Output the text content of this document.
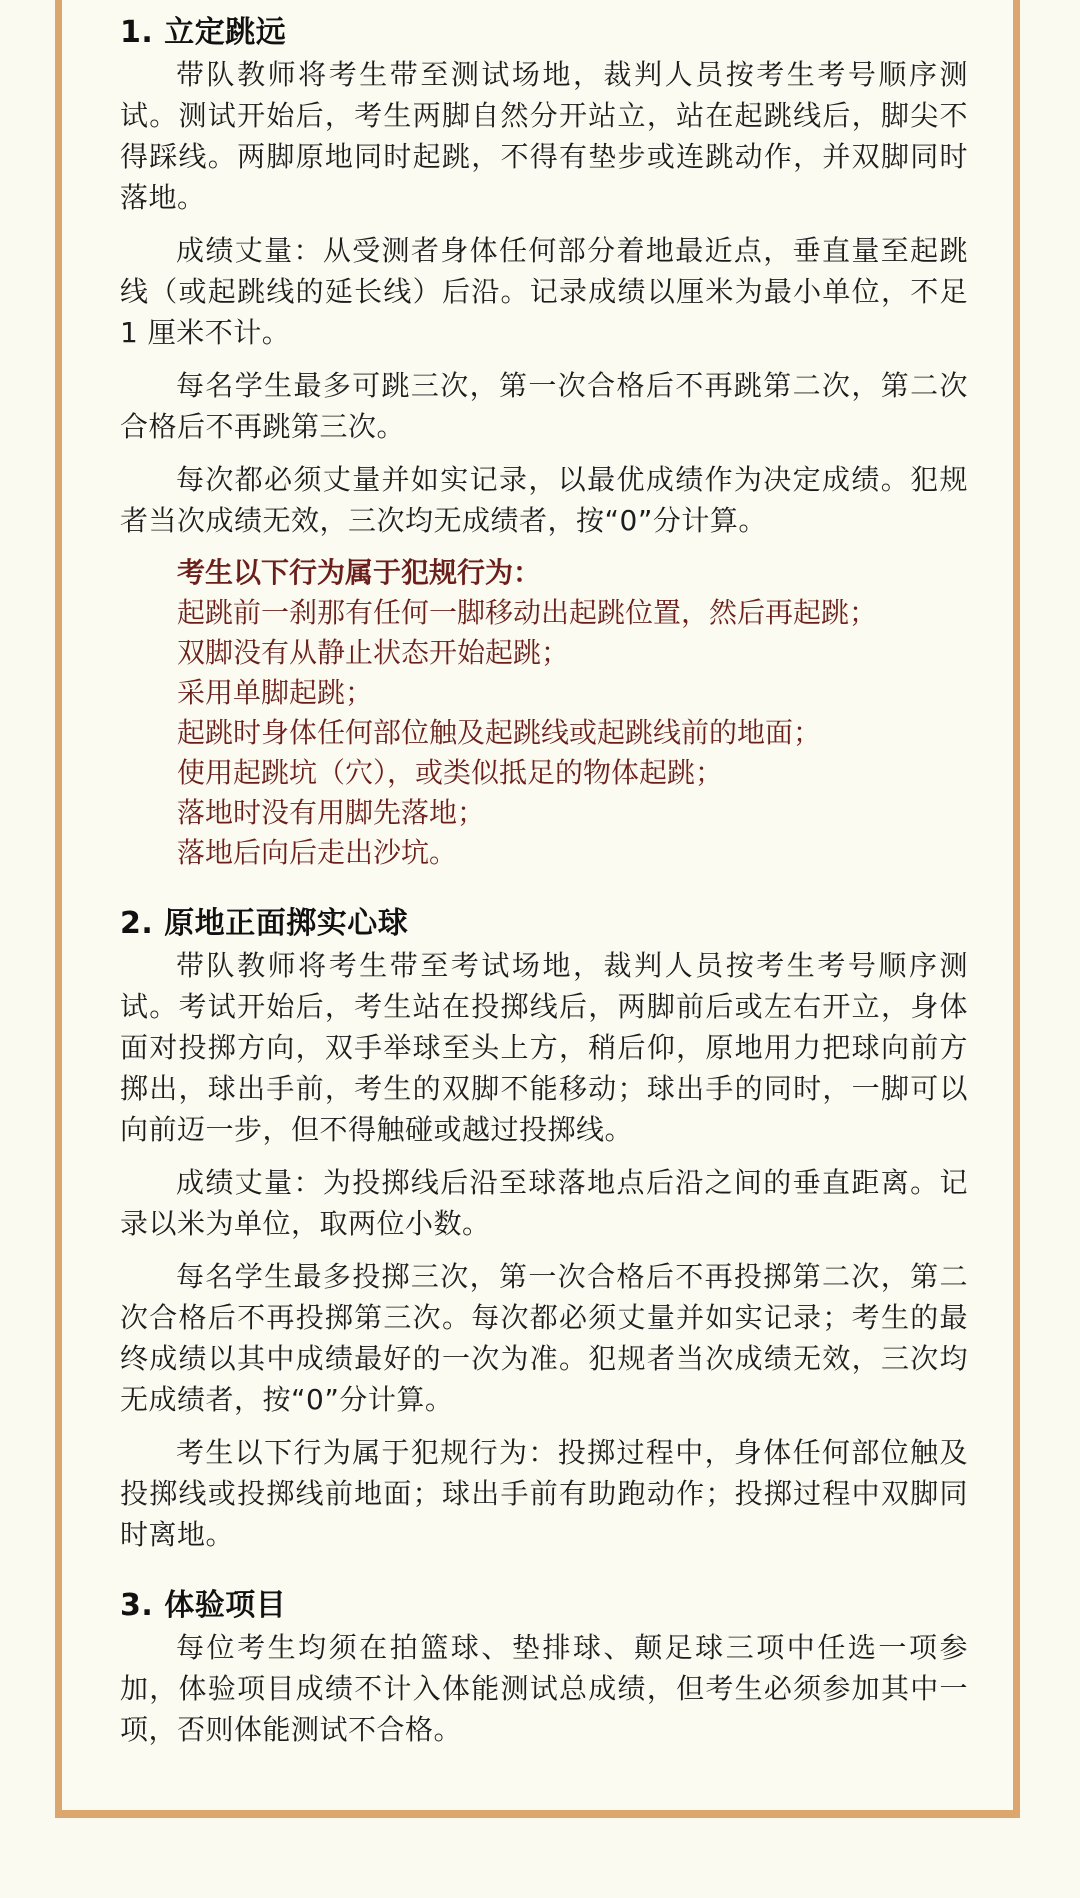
1. 立定跳远

带队教师将考生带至测试场地，裁判人员按考生考号顺序测试。测试开始后，考生两脚自然分开站立，站在起跳线后，脚尖不得踩线。两脚原地同时起跳，不得有垫步或连跳动作，并双脚同时落地。

成绩丈量：从受测者身体任何部分着地最近点，垂直量至起跳线（或起跳线的延长线）后沿。记录成绩以厘米为最小单位，不足 1 厘米不计。

每名学生最多可跳三次，第一次合格后不再跳第二次，第二次合格后不再跳第三次。

每次都必须丈量并如实记录，以最优成绩作为决定成绩。犯规者当次成绩无效，三次均无成绩者，按“0”分计算。

考生以下行为属于犯规行为：

起跳前一刹那有任何一脚移动出起跳位置，然后再起跳；
双脚没有从静止状态开始起跳；
采用单脚起跳；
起跳时身体任何部位触及起跳线或起跳线前的地面；
使用起跳坑（穴），或类似抵足的物体起跳；
落地时没有用脚先落地；
落地后向后走出沙坑。
2. 原地正面掷实心球

带队教师将考生带至考试场地，裁判人员按考生考号顺序测试。考试开始后，考生站在投掷线后，两脚前后或左右开立，身体面对投掷方向，双手举球至头上方，稍后仰，原地用力把球向前方掷出，球出手前，考生的双脚不能移动；球出手的同时，一脚可以向前迈一步，但不得触碰或越过投掷线。

成绩丈量：为投掷线后沿至球落地点后沿之间的垂直距离。记录以米为单位，取两位小数。

每名学生最多投掷三次，第一次合格后不再投掷第二次，第二次合格后不再投掷第三次。每次都必须丈量并如实记录；考生的最终成绩以其中成绩最好的一次为准。犯规者当次成绩无效，三次均无成绩者，按“0”分计算。

考生以下行为属于犯规行为：投掷过程中，身体任何部位触及投掷线或投掷线前地面；球出手前有助跑动作；投掷过程中双脚同时离地。

3. 体验项目

每位考生均须在拍篮球、垫排球、颠足球三项中任选一项参加，体验项目成绩不计入体能测试总成绩，但考生必须参加其中一项，否则体能测试不合格。
